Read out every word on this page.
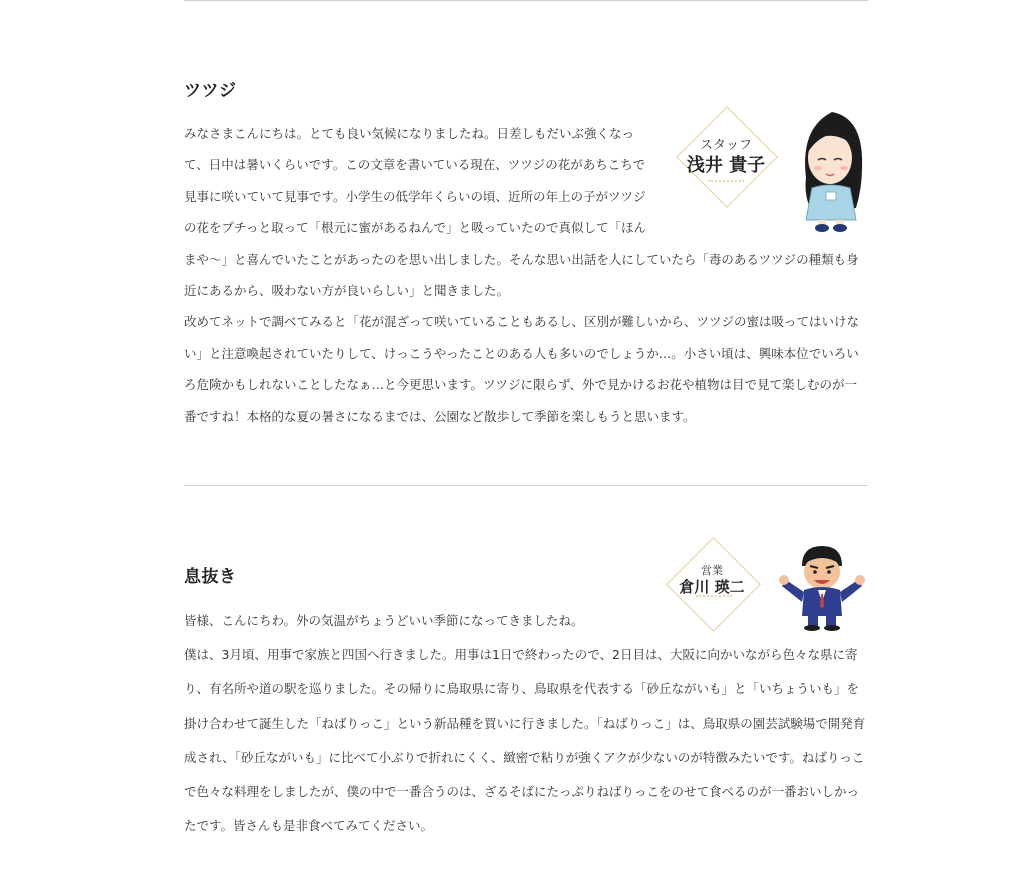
ツツジ
スタッフ
浅井 貴子

みなさまこんにちは。とても良い気候になりましたね。日差しもだいぶ強くなって、日中は暑いくらいです。この文章を書いている現在、ツツジの花があちこちで見事に咲いていて見事です。小学生の低学年くらいの頃、近所の年上の子がツツジの花をプチっと取って「根元に蜜があるねんで」と吸っていたので真似して「ほんまや〜」と喜んでいたことがあったのを思い出しました。そんな思い出話を人にしていたら「毒のあるツツジの種類も身近にあるから、吸わない方が良いらしい」と聞きました。

改めてネットで調べてみると「花が混ざって咲いていることもあるし、区別が難しいから、ツツジの蜜は吸ってはいけない」と注意喚起されていたりして、けっこうやったことのある人も多いのでしょうか…。小さい頃は、興味本位でいろいろ危険かもしれないことしたなぁ…と今更思います。ツツジに限らず、外で見かけるお花や植物は目で見て楽しむのが一番ですね！本格的な夏の暑さになるまでは、公園など散歩して季節を楽しもうと思います。

息抜き	営業
倉川 瑛二

皆様、こんにちわ。外の気温がちょうどいい季節になってきましたね。

僕は、3月頃、用事で家族と四国へ行きました。用事は1日で終わったので、2日目は、大阪に向かいながら色々な県に寄り、有名所や道の駅を巡りました。その帰りに鳥取県に寄り、鳥取県を代表する「砂丘ながいも」と「いちょういも」を掛け合わせて誕生した「ねばりっこ」という新品種を買いに行きました。「ねばりっこ」は、鳥取県の園芸試験場で開発育成され、「砂丘ながいも」に比べて小ぶりで折れにくく、緻密で粘りが強くアクが少ないのが特徴みたいです。ねばりっこで色々な料理をしましたが、僕の中で一番合うのは、ざるそばにたっぷりねばりっこをのせて食べるのが一番おいしかったです。皆さんも是非食べてみてください。
